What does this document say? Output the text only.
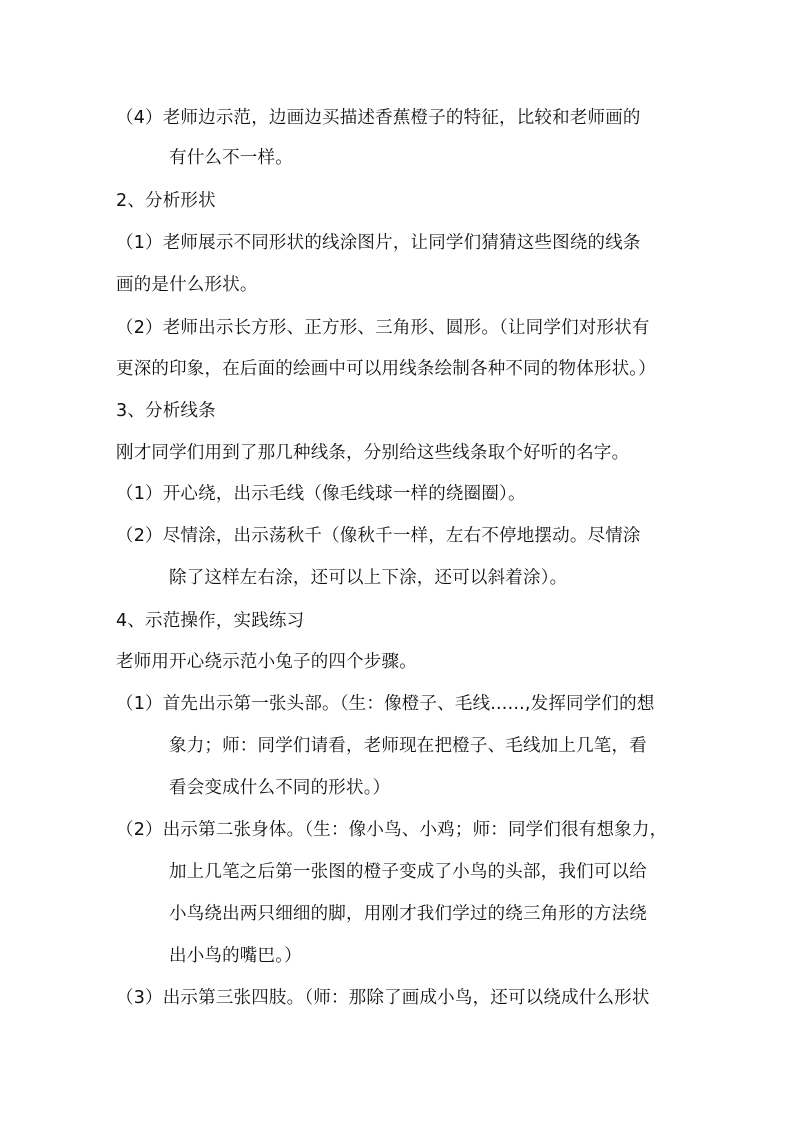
（4）老师边示范，边画边买描述香蕉橙子的特征，比较和老师画的
有什么不一样。
2、分析形状
（1）老师展示不同形状的线涂图片，让同学们猜猜这些图绕的线条
画的是什么形状。
（2）老师出示长方形、正方形、三角形、圆形。（让同学们对形状有
更深的印象，在后面的绘画中可以用线条绘制各种不同的物体形状。）
3、分析线条
刚才同学们用到了那几种线条，分别给这些线条取个好听的名字。
（1）开心绕，出示毛线（像毛线球一样的绕圈圈）。
（2）尽情涂，出示荡秋千（像秋千一样，左右不停地摆动。尽情涂
除了这样左右涂，还可以上下涂，还可以斜着涂）。
4、示范操作，实践练习
老师用开心绕示范小兔子的四个步骤。
（1）首先出示第一张头部。（生：像橙子、毛线......,发挥同学们的想
象力；师：同学们请看，老师现在把橙子、毛线加上几笔，看
看会变成什么不同的形状。）
（2）出示第二张身体。（生：像小鸟、小鸡；师：同学们很有想象力，
加上几笔之后第一张图的橙子变成了小鸟的头部，我们可以给
小鸟绕出两只细细的脚，用刚才我们学过的绕三角形的方法绕
出小鸟的嘴巴。）
（3）出示第三张四肢。（师：那除了画成小鸟，还可以绕成什么形状
